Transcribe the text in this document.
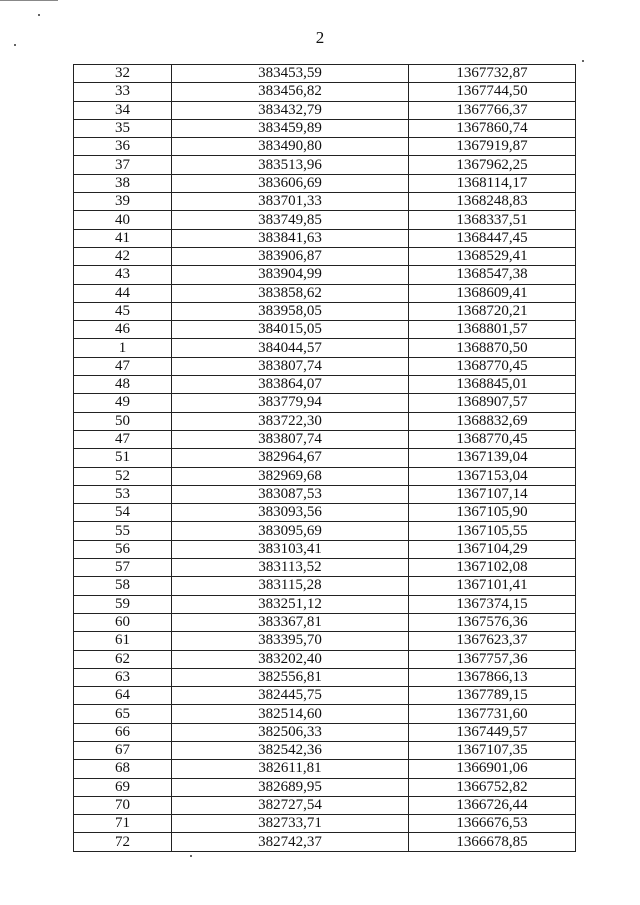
2
32	383453,59	1367732,87
33	383456,82	1367744,50
34	383432,79	1367766,37
35	383459,89	1367860,74
36	383490,80	1367919,87
37	383513,96	1367962,25
38	383606,69	1368114,17
39	383701,33	1368248,83
40	383749,85	1368337,51
41	383841,63	1368447,45
42	383906,87	1368529,41
43	383904,99	1368547,38
44	383858,62	1368609,41
45	383958,05	1368720,21
46	384015,05	1368801,57
1	384044,57	1368870,50
47	383807,74	1368770,45
48	383864,07	1368845,01
49	383779,94	1368907,57
50	383722,30	1368832,69
47	383807,74	1368770,45
51	382964,67	1367139,04
52	382969,68	1367153,04
53	383087,53	1367107,14
54	383093,56	1367105,90
55	383095,69	1367105,55
56	383103,41	1367104,29
57	383113,52	1367102,08
58	383115,28	1367101,41
59	383251,12	1367374,15
60	383367,81	1367576,36
61	383395,70	1367623,37
62	383202,40	1367757,36
63	382556,81	1367866,13
64	382445,75	1367789,15
65	382514,60	1367731,60
66	382506,33	1367449,57
67	382542,36	1367107,35
68	382611,81	1366901,06
69	382689,95	1366752,82
70	382727,54	1366726,44
71	382733,71	1366676,53
72	382742,37	1366678,85
